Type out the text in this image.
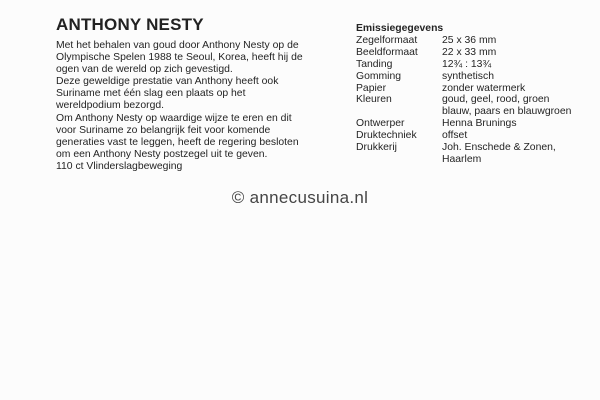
ANTHONY NESTY
Met het behalen van goud door Anthony Nesty op de
Olympische Spelen 1988 te Seoul, Korea, heeft hij de
ogen van de wereld op zich gevestigd.
Deze geweldige prestatie van Anthony heeft ook
Suriname met één slag een plaats op het
wereldpodium bezorgd.
Om Anthony Nesty op waardige wijze te eren en dit
voor Suriname zo belangrijk feit voor komende
generaties vast te leggen, heeft de regering besloten
om een Anthony Nesty postzegel uit te geven.
110 ct Vlinderslagbeweging
Emissiegegevens
Zegelformaat	25 x 36 mm
Beeldformaat	22 x 33 mm
Tanding	12¾ : 13¾
Gomming	synthetisch
Papier	zonder watermerk
Kleuren	goud, geel, rood, groen
blauw, paars en blauwgroen
Ontwerper	Henna Brunings
Druktechniek	offset
Drukkerij	Joh. Enschede & Zonen,
Haarlem
© annecusuina.nl
